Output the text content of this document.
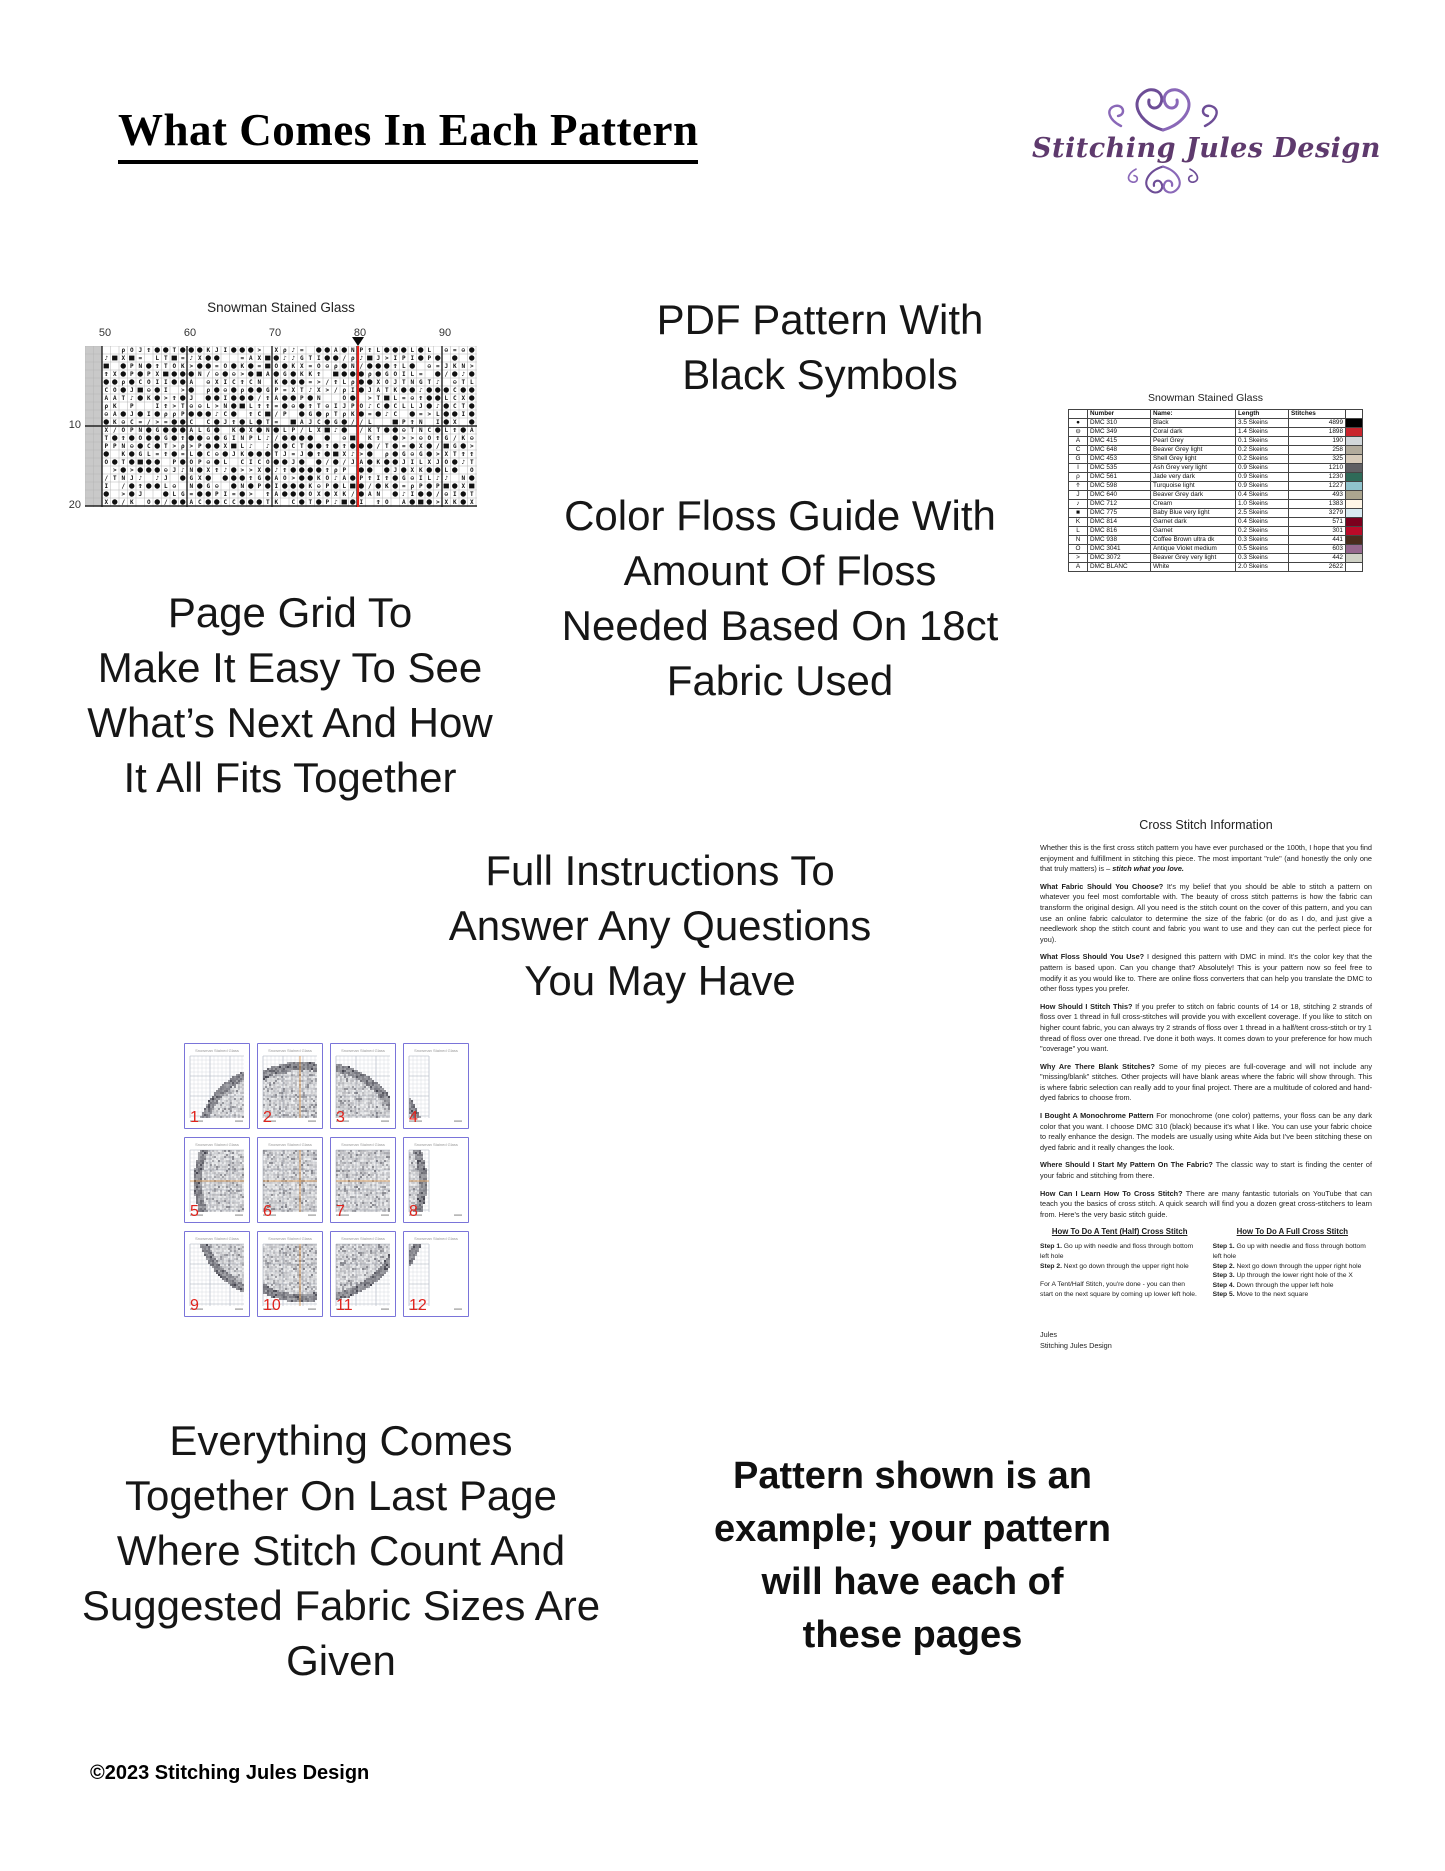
What Comes In Each Pattern	Stitching Jules Design
Snowman Stained Glass
50	60	70	80	90
10
20
PDF Pattern With
Black Symbols
Color Floss Guide With
Amount Of Floss
Needed Based On 18ct
Fabric Used
Page Grid To
Make It Easy To See
What’s Next And How
It All Fits Together
Full Instructions To
Answer Any Questions
You May Have
Everything Comes
Together On Last Page
Where Stitch Count And
Suggested Fabric Sizes Are
Given
Pattern shown is an
example; your pattern
will have each of
these pages
Snowman Stained Glass
	Number	Name:	Length	Stitches	
●	DMC 310	Black	3.5 Skeins	4899	
⊖	DMC 349	Coral dark	1.4 Skeins	1898	
A	DMC 415	Pearl Grey	0.1 Skeins	190	
C	DMC 648	Beaver Grey light	0.2 Skeins	258	
G	DMC 453	Shell Grey light	0.2 Skeins	325	
I	DMC 535	Ash Grey very light	0.9 Skeins	1210	
ρ	DMC 561	Jade very dark	0.9 Skeins	1230	
Ϯ	DMC 598	Turquoise light	0.9 Skeins	1227	
J	DMC 640	Beaver Grey dark	0.4 Skeins	493	
♪	DMC 712	Cream	1.0 Skeins	1383	
■	DMC 775	Baby Blue very light	2.5 Skeins	3279	
K	DMC 814	Garnet dark	0.4 Skeins	571	
L	DMC 816	Garnet	0.2 Skeins	301	
N	DMC 938	Coffee Brown ultra dk	0.3 Skeins	441	
O	DMC 3041	Antique Violet medium	0.5 Skeins	603	
>	DMC 3072	Beaver Grey very light	0.3 Skeins	442	
A	DMC BLANC	White	2.0 Skeins	2622	
1	2	3	4
5	6	7	8
9	10	11	12
Cross Stitch Information

Whether this is the first cross stitch pattern you have ever purchased or the 100th, I hope that you find enjoyment and fulfillment in stitching this piece. The most important "rule" (and honestly the only one that truly matters) is – stitch what you love.

What Fabric Should You Choose? It's my belief that you should be able to stitch a pattern on whatever you feel most comfortable with. The beauty of cross stitch patterns is how the fabric can transform the original design. All you need is the stitch count on the cover of this pattern, and you can use an online fabric calculator to determine the size of the fabric (or do as I do, and just give a needlework shop the stitch count and fabric you want to use and they can cut the perfect piece for you).

What Floss Should You Use? I designed this pattern with DMC in mind. It's the color key that the pattern is based upon. Can you change that? Absolutely! This is your pattern now so feel free to modify it as you would like to. There are online floss converters that can help you translate the DMC to other floss types you prefer.

How Should I Stitch This? If you prefer to stitch on fabric counts of 14 or 18, stitching 2 strands of floss over 1 thread in full cross-stitches will provide you with excellent coverage. If you like to stitch on higher count fabric, you can always try 2 strands of floss over 1 thread in a half/tent cross-stitch or try 1 thread of floss over one thread. I've done it both ways. It comes down to your preference for how much "coverage" you want.

Why Are There Blank Stitches? Some of my pieces are full-coverage and will not include any "missing/blank" stitches. Other projects will have blank areas where the fabric will show through. This is where fabric selection can really add to your final project. There are a multitude of colored and hand-dyed fabrics to choose from.

I Bought A Monochrome Pattern For monochrome (one color) patterns, your floss can be any dark color that you want. I choose DMC 310 (black) because it's what I like. You can use your fabric choice to really enhance the design. The models are usually using white Aida but I've been stitching these on dyed fabric and it really changes the look.

Where Should I Start My Pattern On The Fabric? The classic way to start is finding the center of your fabric and stitching from there.

How Can I Learn How To Cross Stitch? There are many fantastic tutorials on YouTube that can teach you the basics of cross stitch. A quick search will find you a dozen great cross-stitchers to learn from. Here's the very basic stitch guide.

How To Do A Tent (Half) Cross Stitch
Step 1. Go up with needle and floss through bottom left hole
Step 2. Next go down through the upper right hole
For A Tent/Half Stitch, you're done - you can then start on the next square by coming up lower left hole.
How To Do A Full Cross Stitch
Step 1. Go up with needle and floss through bottom left hole
Step 2. Next go down through the upper right hole
Step 3. Up through the lower right hole of the X
Step 4. Down through the upper left hole
Step 5. Move to the next square
Jules
Stitching Jules Design
©2023 Stitching Jules Design
